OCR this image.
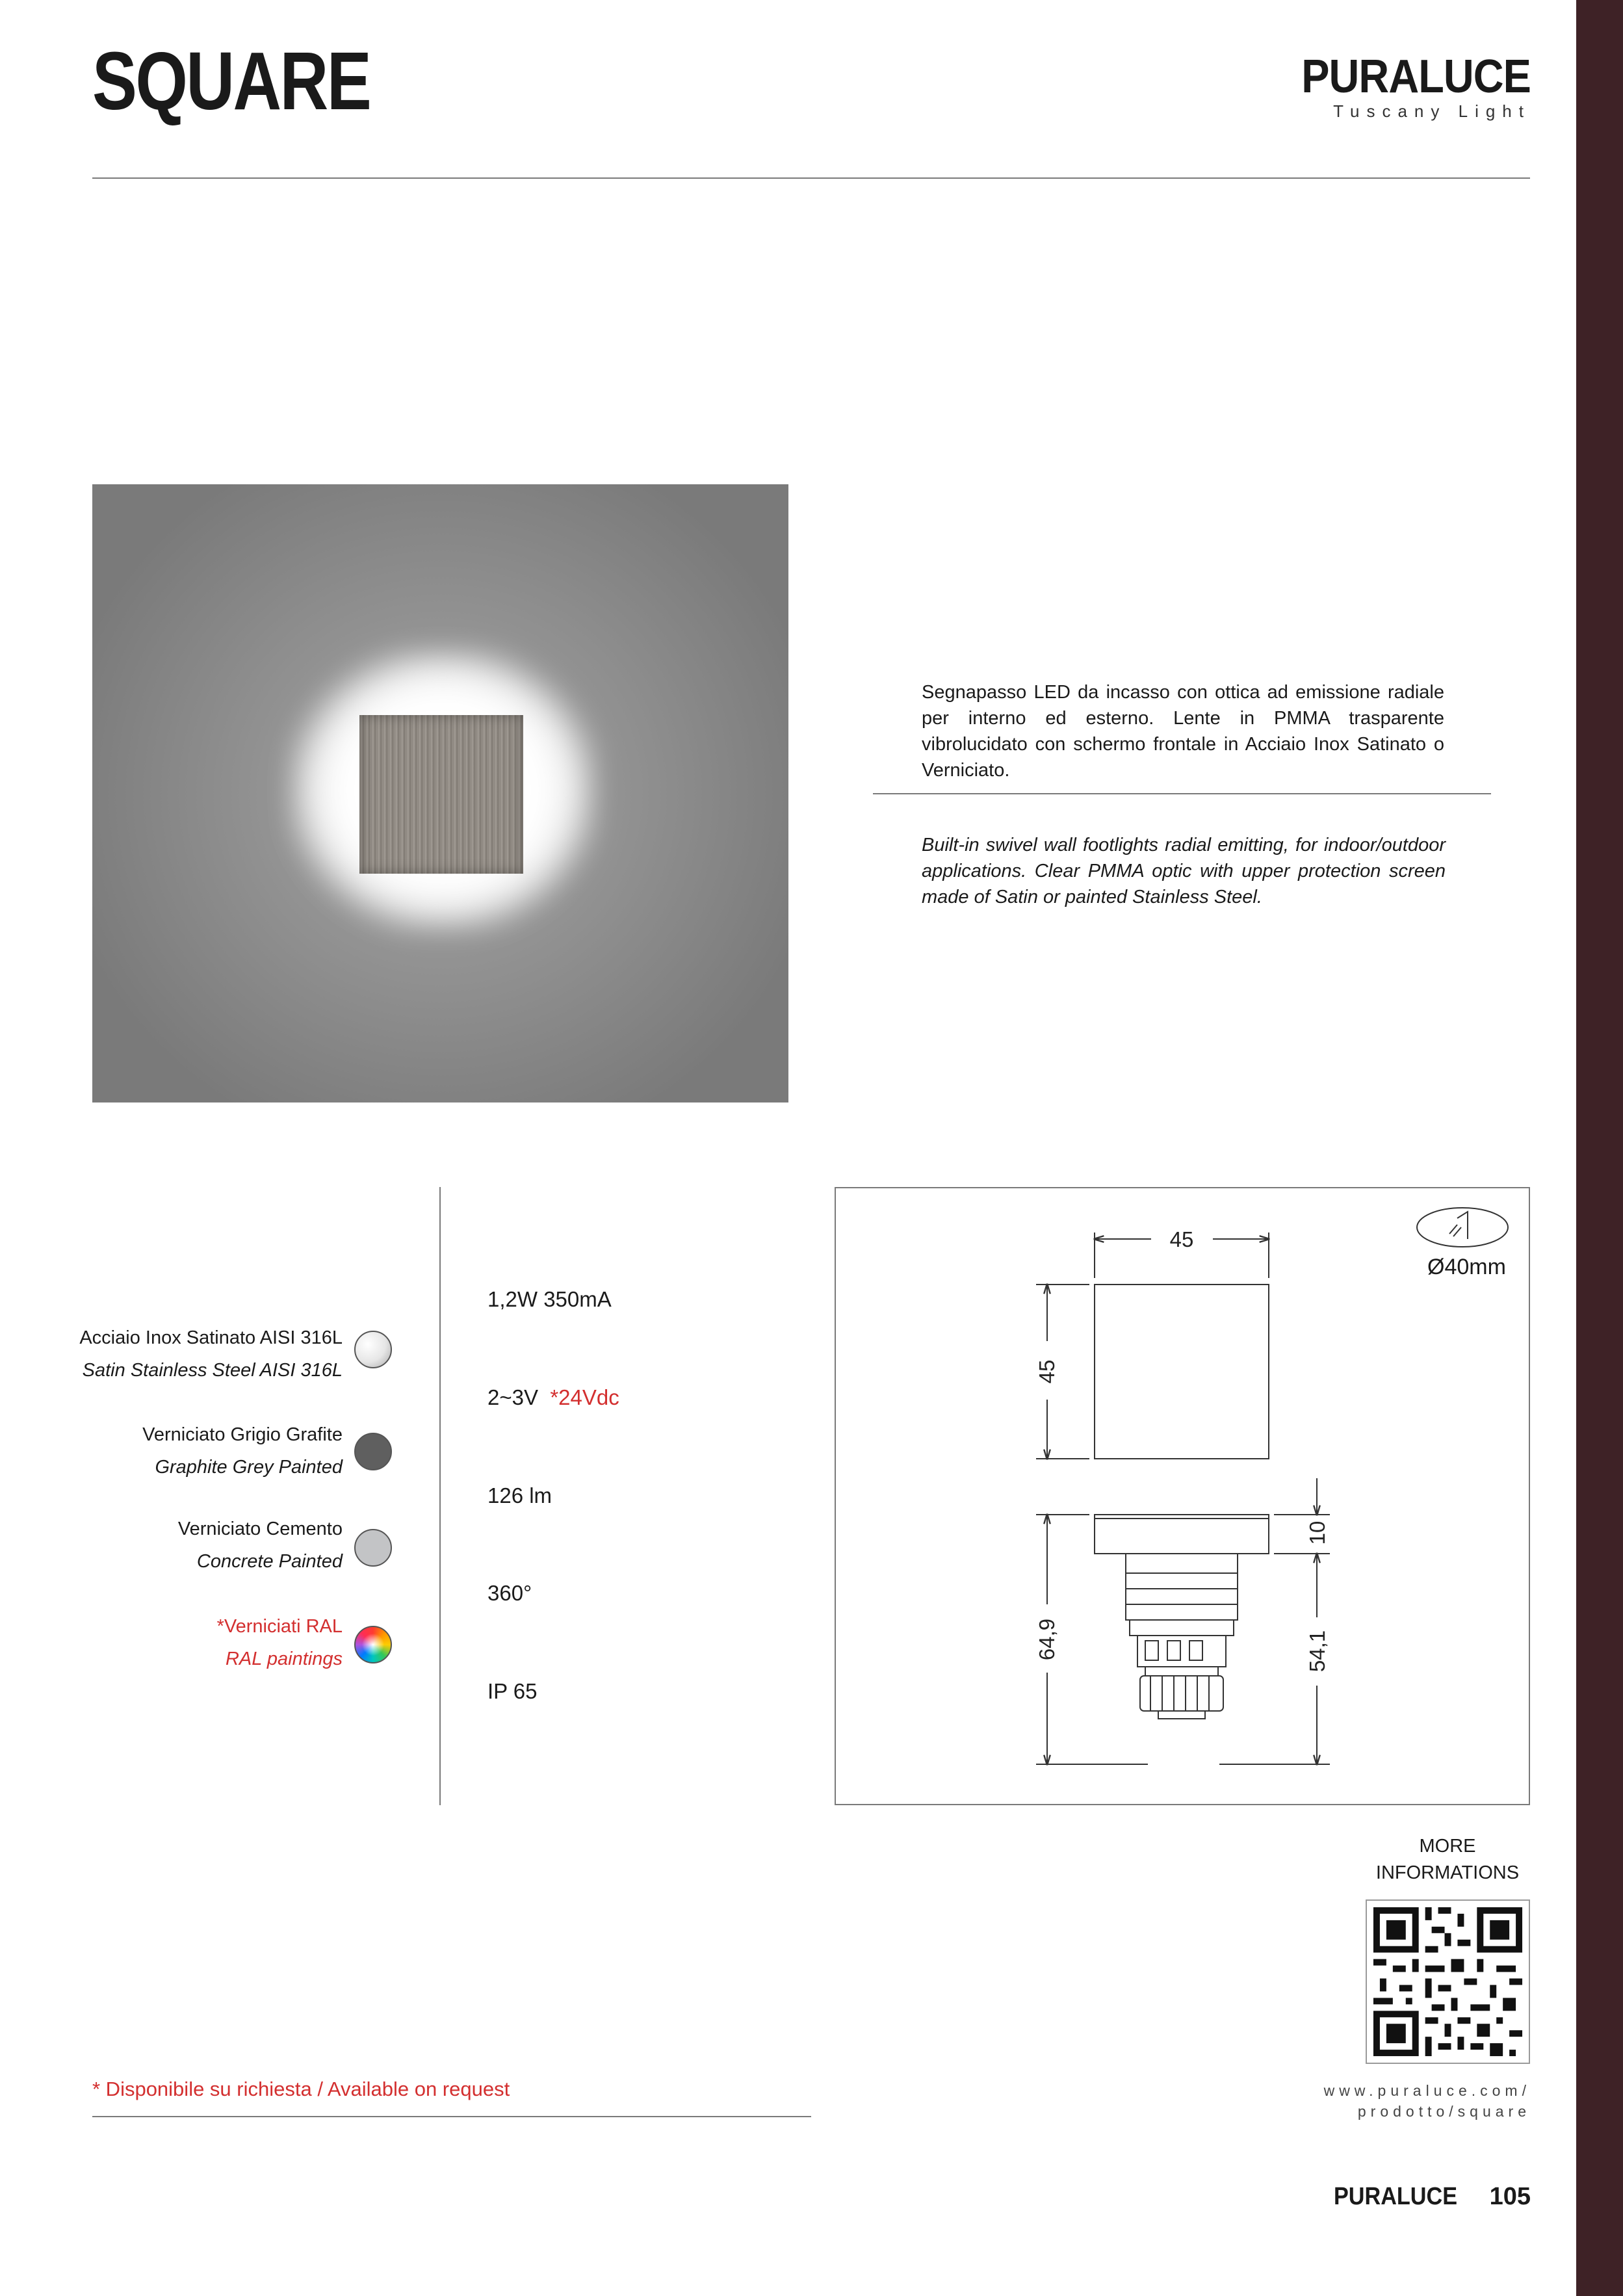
SQUARE	PURALUCE
Tuscany Light

Segnapasso LED da incasso con ottica ad emissione radiale per interno ed esterno. Lente in PMMA trasparente vibrolucidato con schermo frontale in Acciaio Inox Satinato o Verniciato.

Built-in swivel wall footlights radial emitting, for indoor/outdoor applications. Clear PMMA optic with upper protection screen made of Satin or painted Stainless Steel.

Acciaio Inox Satinato AISI 316L
Satin Stainless Steel AISI 316L
Verniciato Grigio Grafite
Graphite Grey Painted
Verniciato Cemento
Concrete Painted
*Verniciati RAL
RAL paintings
1,2W 350mA
2~3V *24Vdc
126 lm
360°
IP 65
45
45
64,9
10
54,1
Ø40mm
MORE INFORMATIONS
www.puraluce.com/
prodotto/square
* Disponibile su richiesta / Available on request
PURALUCE 105
